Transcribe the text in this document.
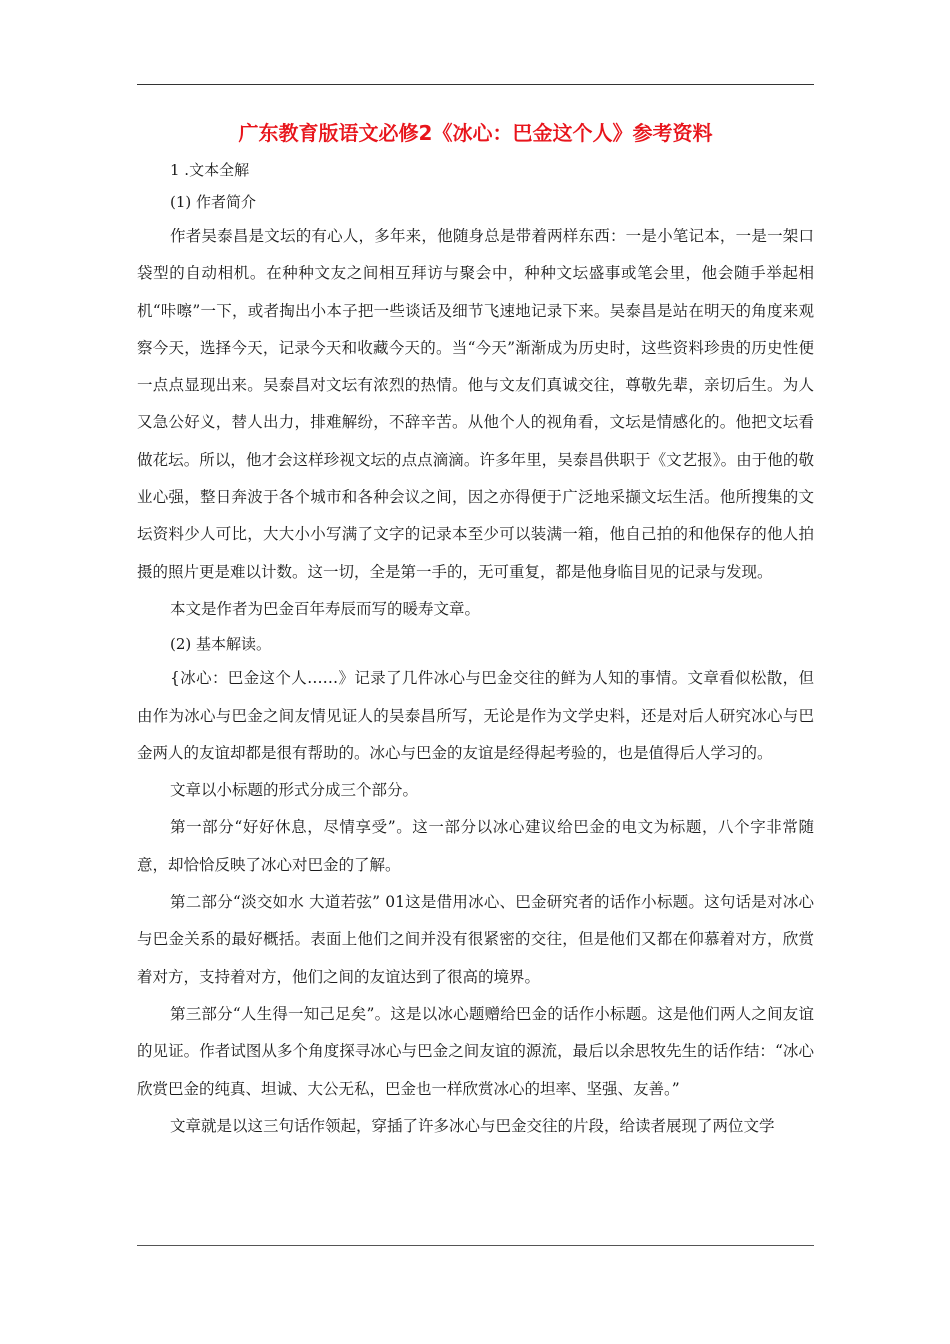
广东教育版语文必修2《冰心：巴金这个人》参考资料

1 .文本全解

(1) 作者简介

作者吴泰昌是文坛的有心人，多年来，他随身总是带着两样东西：一是小笔记本，一是一架口袋型的自动相机。在种种文友之间相互拜访与聚会中，种种文坛盛事或笔会里，他会随手举起相机“咔嚓”一下，或者掏出小本子把一些谈话及细节飞速地记录下来。吴泰昌是站在明天的角度来观察今天，选择今天，记录今天和收藏今天的。当“今天”渐渐成为历史时，这些资料珍贵的历史性便一点点显现出来。吴泰昌对文坛有浓烈的热情。他与文友们真诚交往，尊敬先辈，亲切后生。为人又急公好义，替人出力，排难解纷，不辞辛苦。从他个人的视角看，文坛是情感化的。他把文坛看做花坛。所以，他才会这样珍视文坛的点点滴滴。许多年里，吴泰昌供职于《文艺报》。由于他的敬业心强，整日奔波于各个城市和各种会议之间，因之亦得便于广泛地采撷文坛生活。他所搜集的文坛资料少人可比，大大小小写满了文字的记录本至少可以装满一箱，他自己拍的和他保存的他人拍摄的照片更是难以计数。这一切，全是第一手的，无可重复，都是他身临目见的记录与发现。

本文是作者为巴金百年寿辰而写的暖寿文章。

(2) 基本解读。

{冰心：巴金这个人……》记录了几件冰心与巴金交往的鲜为人知的事情。文章看似松散，但由作为冰心与巴金之间友情见证人的吴泰昌所写，无论是作为文学史料，还是对后人研究冰心与巴金两人的友谊却都是很有帮助的。冰心与巴金的友谊是经得起考验的，也是值得后人学习的。

文章以小标题的形式分成三个部分。

第一部分“好好休息，尽情享受”。这一部分以冰心建议给巴金的电文为标题，八个字非常随意，却恰恰反映了冰心对巴金的了解。

第二部分“淡交如水 大道若弦” 01这是借用冰心、巴金研究者的话作小标题。这句话是对冰心与巴金关系的最好概括。表面上他们之间并没有很紧密的交往，但是他们又都在仰慕着对方，欣赏着对方，支持着对方，他们之间的友谊达到了很高的境界。

第三部分“人生得一知己足矣”。这是以冰心题赠给巴金的话作小标题。这是他们两人之间友谊的见证。作者试图从多个角度探寻冰心与巴金之间友谊的源流，最后以余思牧先生的话作结：“冰心欣赏巴金的纯真、坦诚、大公无私，巴金也一样欣赏冰心的坦率、坚强、友善。”

文章就是以这三句话作领起，穿插了许多冰心与巴金交往的片段，给读者展现了两位文学
